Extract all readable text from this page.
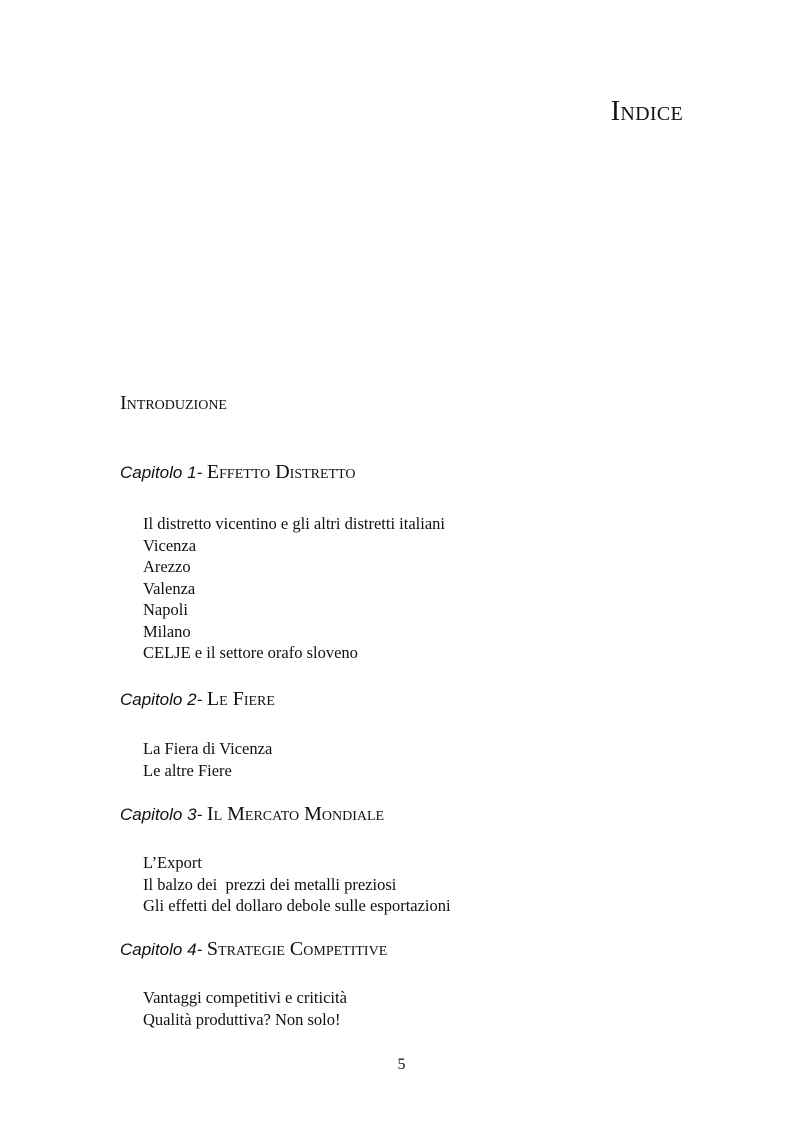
Indice
Introduzione
Capitolo 1- Effetto Distretto
Il distretto vicentino e gli altri distretti italiani
Vicenza
Arezzo
Valenza
Napoli
Milano
CELJE e il settore orafo sloveno
Capitolo 2- Le Fiere
La Fiera di Vicenza
Le altre Fiere
Capitolo 3- Il Mercato Mondiale
L’Export
Il balzo dei  prezzi dei metalli preziosi
Gli effetti del dollaro debole sulle esportazioni
Capitolo 4- Strategie Competitive
Vantaggi competitivi e criticità
Qualità produttiva? Non solo!
5
